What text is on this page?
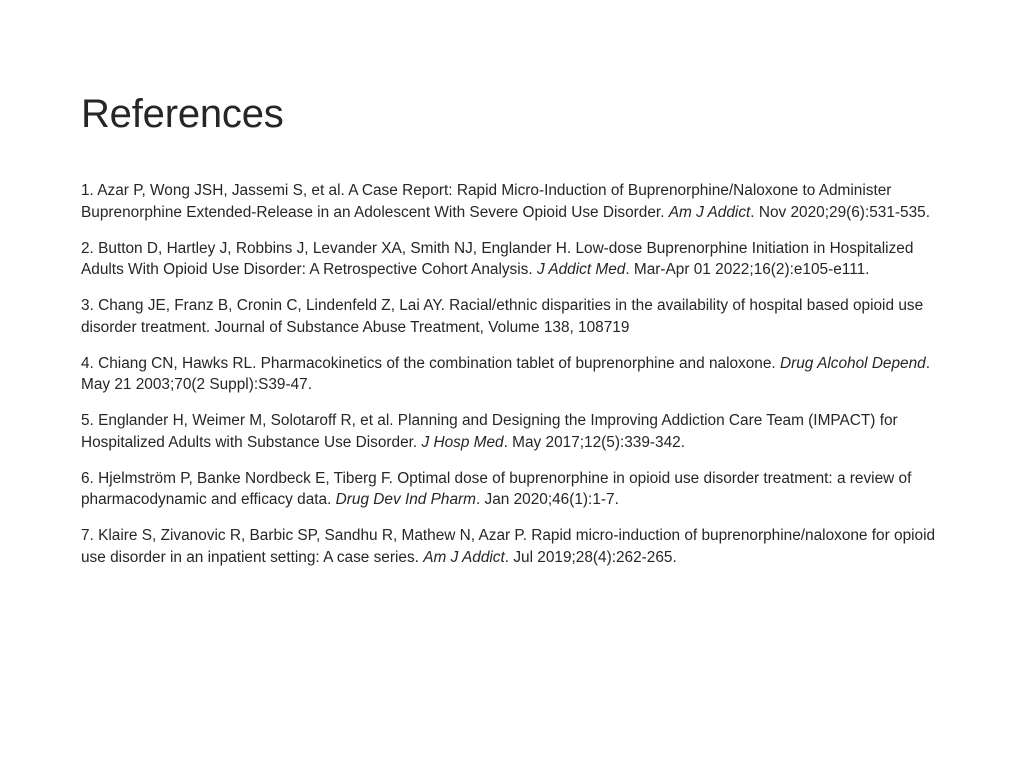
References
1. Azar P, Wong JSH, Jassemi S, et al. A Case Report: Rapid Micro-Induction of Buprenorphine/Naloxone to Administer Buprenorphine Extended-Release in an Adolescent With Severe Opioid Use Disorder. Am J Addict. Nov 2020;29(6):531-535.
2. Button D, Hartley J, Robbins J, Levander XA, Smith NJ, Englander H. Low-dose Buprenorphine Initiation in Hospitalized Adults With Opioid Use Disorder: A Retrospective Cohort Analysis. J Addict Med. Mar-Apr 01 2022;16(2):e105-e111.
3. Chang JE, Franz B, Cronin C, Lindenfeld Z, Lai AY. Racial/ethnic disparities in the availability of hospital based opioid use disorder treatment. Journal of Substance Abuse Treatment, Volume 138, 108719
4. Chiang CN, Hawks RL. Pharmacokinetics of the combination tablet of buprenorphine and naloxone. Drug Alcohol Depend. May 21 2003;70(2 Suppl):S39-47.
5. Englander H, Weimer M, Solotaroff R, et al. Planning and Designing the Improving Addiction Care Team (IMPACT) for Hospitalized Adults with Substance Use Disorder. J Hosp Med. May 2017;12(5):339-342.
6. Hjelmström P, Banke Nordbeck E, Tiberg F. Optimal dose of buprenorphine in opioid use disorder treatment: a review of pharmacodynamic and efficacy data. Drug Dev Ind Pharm. Jan 2020;46(1):1-7.
7. Klaire S, Zivanovic R, Barbic SP, Sandhu R, Mathew N, Azar P. Rapid micro-induction of buprenorphine/naloxone for opioid use disorder in an inpatient setting: A case series. Am J Addict. Jul 2019;28(4):262-265.
